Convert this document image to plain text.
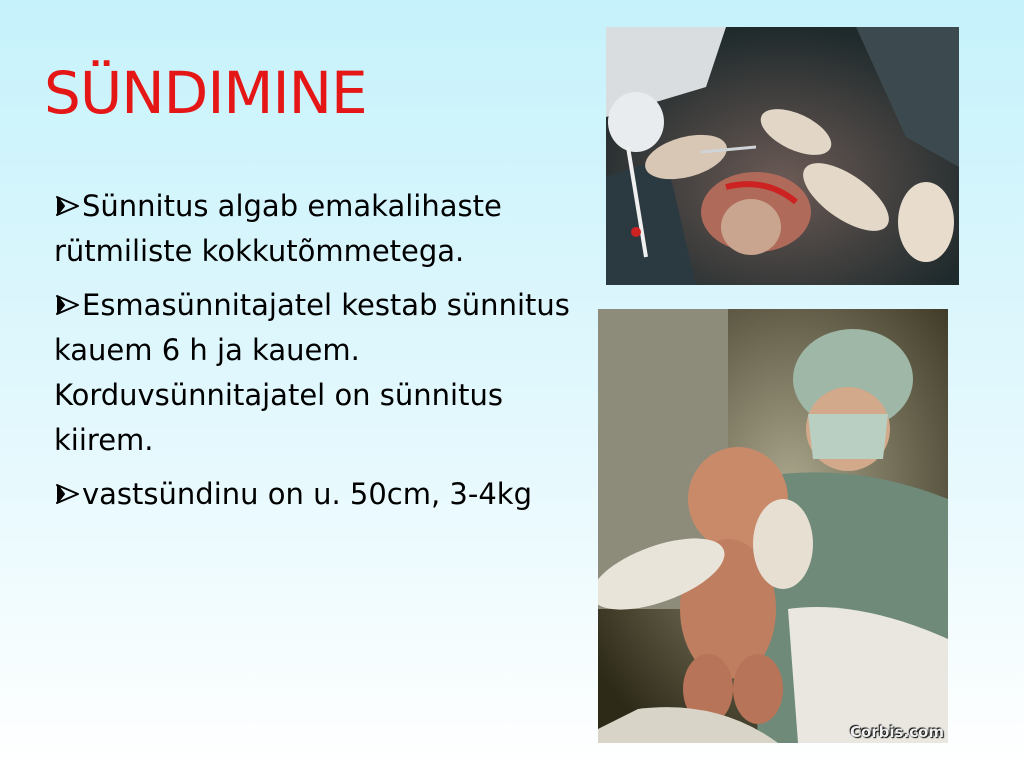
SÜNDIMINE
Sünnitus algab emakalihaste rütmiliste kokkutõmmetega.
Esmasünnitajatel kestab sünnitus kauem 6 h ja kauem. Korduvsünnitajatel on sünnitus kiirem.
vastsündinu on u. 50cm, 3-4kg
Corbis.com
